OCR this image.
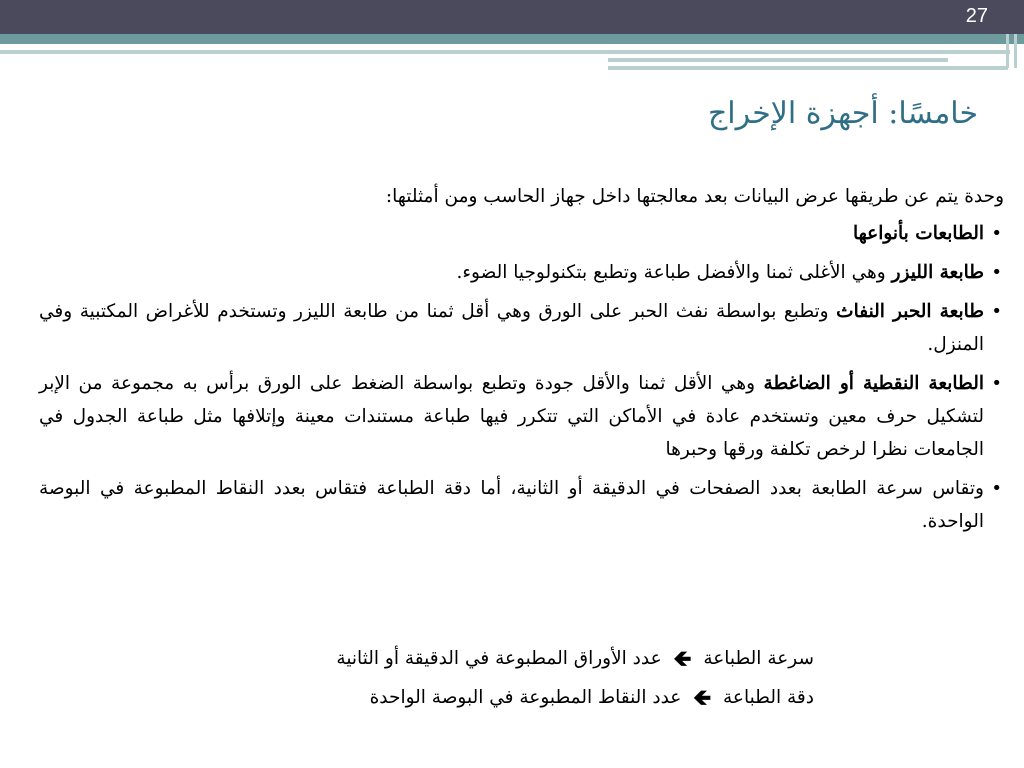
27
خامسًا: أجهزة الإخراج

وحدة يتم عن طريقها عرض البيانات بعد معالجتها داخل جهاز الحاسب ومن أمثلتها:

• الطابعات بأنواعها
• طابعة الليزر وهي الأغلى ثمنا والأفضل طباعة وتطبع بتكنولوجيا الضوء.
• طابعة الحبر النفاث وتطبع بواسطة نفث الحبر على الورق وهي أقل ثمنا من طابعة الليزر وتستخدم للأغراض المكتبية وفي المنزل.
• الطابعة النقطية أو الضاغطة وهي الأقل ثمنا والأقل جودة وتطبع بواسطة الضغط على الورق برأس به مجموعة من الإبر لتشكيل حرف معين وتستخدم عادة في الأماكن التي تتكرر فيها طباعة مستندات معينة وإتلافها مثل طباعة الجدول في الجامعات نظرا لرخص تكلفة ورقها وحبرها
• وتقاس سرعة الطابعة بعدد الصفحات في الدقيقة أو الثانية، أما دقة الطباعة فتقاس بعدد النقاط المطبوعة في البوصة الواحدة.
سرعة الطباعة 🡸 عدد الأوراق المطبوعة في الدقيقة أو الثانية
دقة الطباعة 🡸 عدد النقاط المطبوعة في البوصة الواحدة
